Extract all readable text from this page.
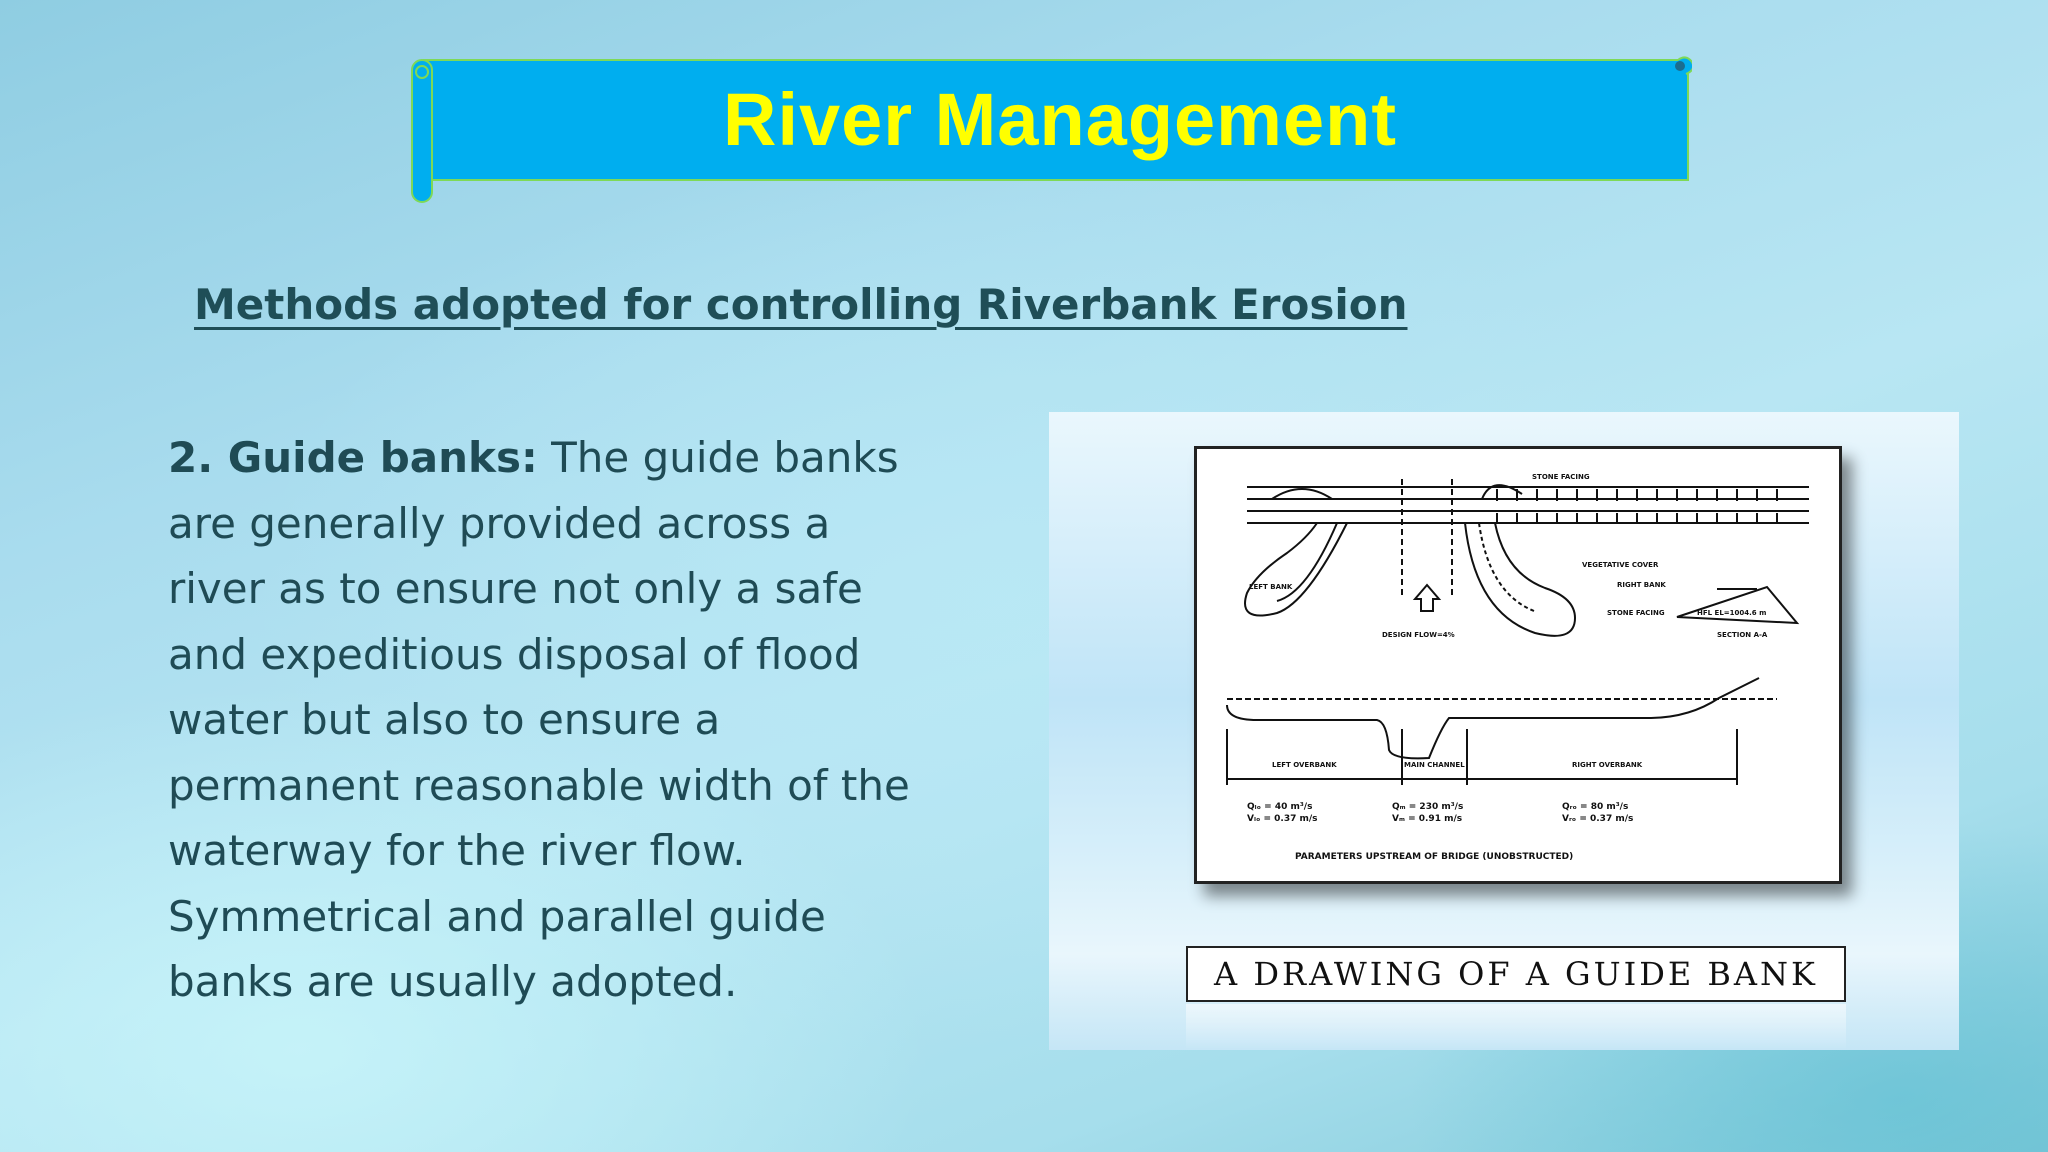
River Management
Methods adopted for controlling Riverbank Erosion

2. Guide banks: The guide banks are generally provided across a river as to ensure not only a safe and expeditious disposal of flood water but also to ensure a permanent reasonable width of the waterway for the river flow. Symmetrical and parallel guide banks are usually adopted.

STONE FACING
LEFT BANK
VEGETATIVE COVER
RIGHT BANK
STONE FACING	HFL EL=1004.6 m
SECTION A-A
DESIGN FLOW=4%
LEFT OVERBANK	MAIN CHANNEL	RIGHT OVERBANK
Qₗₒ = 40 m³/s
Vₗₒ = 0.37 m/s
Qₘ = 230 m³/s
Vₘ = 0.91 m/s
Qᵣₒ = 80 m³/s
Vᵣₒ = 0.37 m/s
PARAMETERS UPSTREAM OF BRIDGE (UNOBSTRUCTED)
A DRAWING OF A GUIDE BANK
